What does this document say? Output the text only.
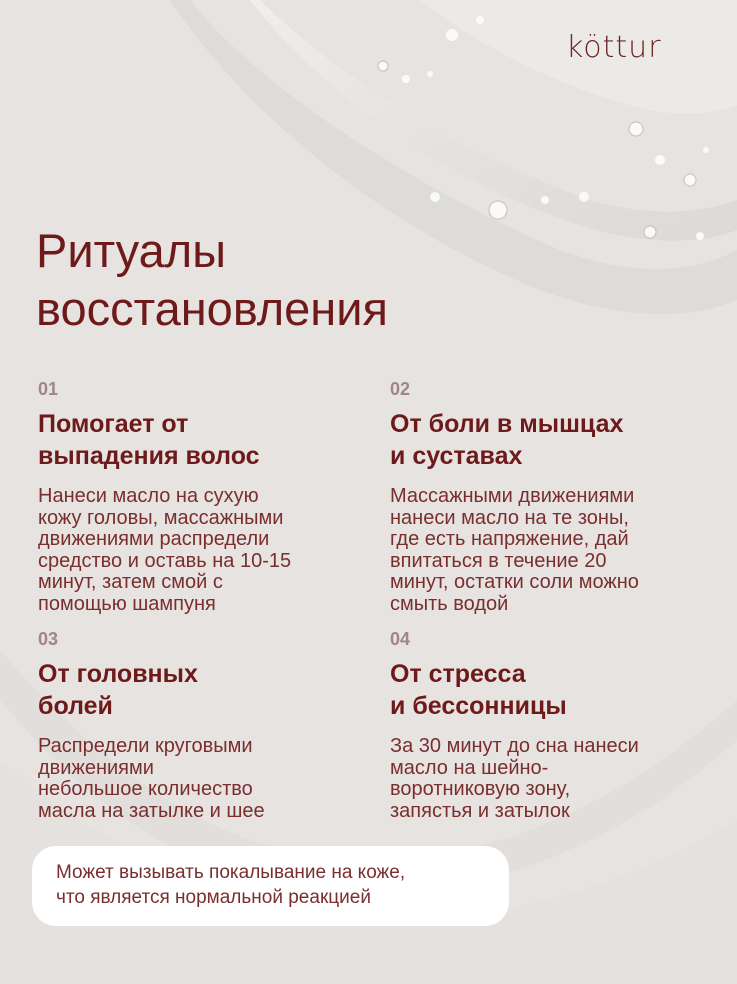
köttur
Ритуалы
восстановления
01
Помогает от
выпадения волос
Нанеси масло на сухую
кожу головы, массажными
движениями распредели
средство и оставь на 10-15
минут, затем смой с
помощью шампуня
02
От боли в мышцах
и суставах
Массажными движениями
нанеси масло на те зоны,
где есть напряжение, дай
впитаться в течение 20
минут, остатки соли можно
смыть водой
03
От головных
болей
Распредели круговыми
движениями
небольшое количество
масла на затылке и шее
04
От стресса
и бессонницы
За 30 минут до сна нанеси
масло на шейно-
воротниковую зону,
запястья и затылок
Может вызывать покалывание на коже,
что является нормальной реакцией
